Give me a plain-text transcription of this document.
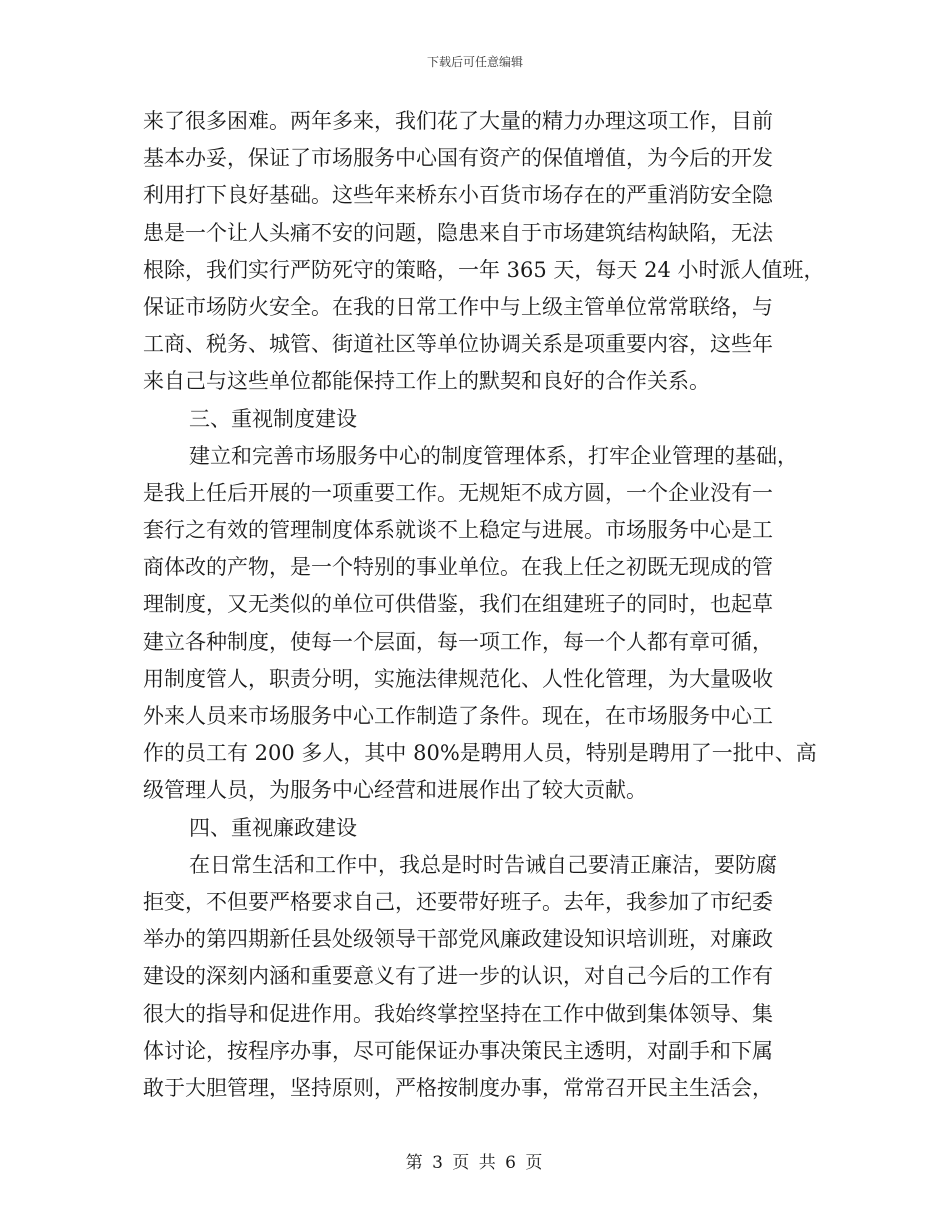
下载后可任意编辑
来了很多困难。两年多来，我们花了大量的精力办理这项工作，目前
基本办妥，保证了市场服务中心国有资产的保值增值，为今后的开发
利用打下良好基础。这些年来桥东小百货市场存在的严重消防安全隐
患是一个让人头痛不安的问题，隐患来自于市场建筑结构缺陷，无法
根除，我们实行严防死守的策略，一年 365 天，每天 24 小时派人值班，
保证市场防火安全。在我的日常工作中与上级主管单位常常联络，与
工商、税务、城管、街道社区等单位协调关系是项重要内容，这些年
来自己与这些单位都能保持工作上的默契和良好的合作关系。
三、重视制度建设
建立和完善市场服务中心的制度管理体系，打牢企业管理的基础，
是我上任后开展的一项重要工作。无规矩不成方圆，一个企业没有一
套行之有效的管理制度体系就谈不上稳定与进展。市场服务中心是工
商体改的产物，是一个特别的事业单位。在我上任之初既无现成的管
理制度，又无类似的单位可供借鉴，我们在组建班子的同时，也起草
建立各种制度，使每一个层面，每一项工作，每一个人都有章可循，
用制度管人，职责分明，实施法律规范化、人性化管理，为大量吸收
外来人员来市场服务中心工作制造了条件。现在，在市场服务中心工
作的员工有 200 多人，其中 80%是聘用人员，特别是聘用了一批中、高
级管理人员，为服务中心经营和进展作出了较大贡献。
四、重视廉政建设
在日常生活和工作中，我总是时时告诫自己要清正廉洁，要防腐
拒变，不但要严格要求自己，还要带好班子。去年，我参加了市纪委
举办的第四期新任县处级领导干部党风廉政建设知识培训班，对廉政
建设的深刻内涵和重要意义有了进一步的认识，对自己今后的工作有
很大的指导和促进作用。我始终掌控坚持在工作中做到集体领导、集
体讨论，按程序办事，尽可能保证办事决策民主透明，对副手和下属
敢于大胆管理，坚持原则，严格按制度办事，常常召开民主生活会，
第 3 页 共 6 页
